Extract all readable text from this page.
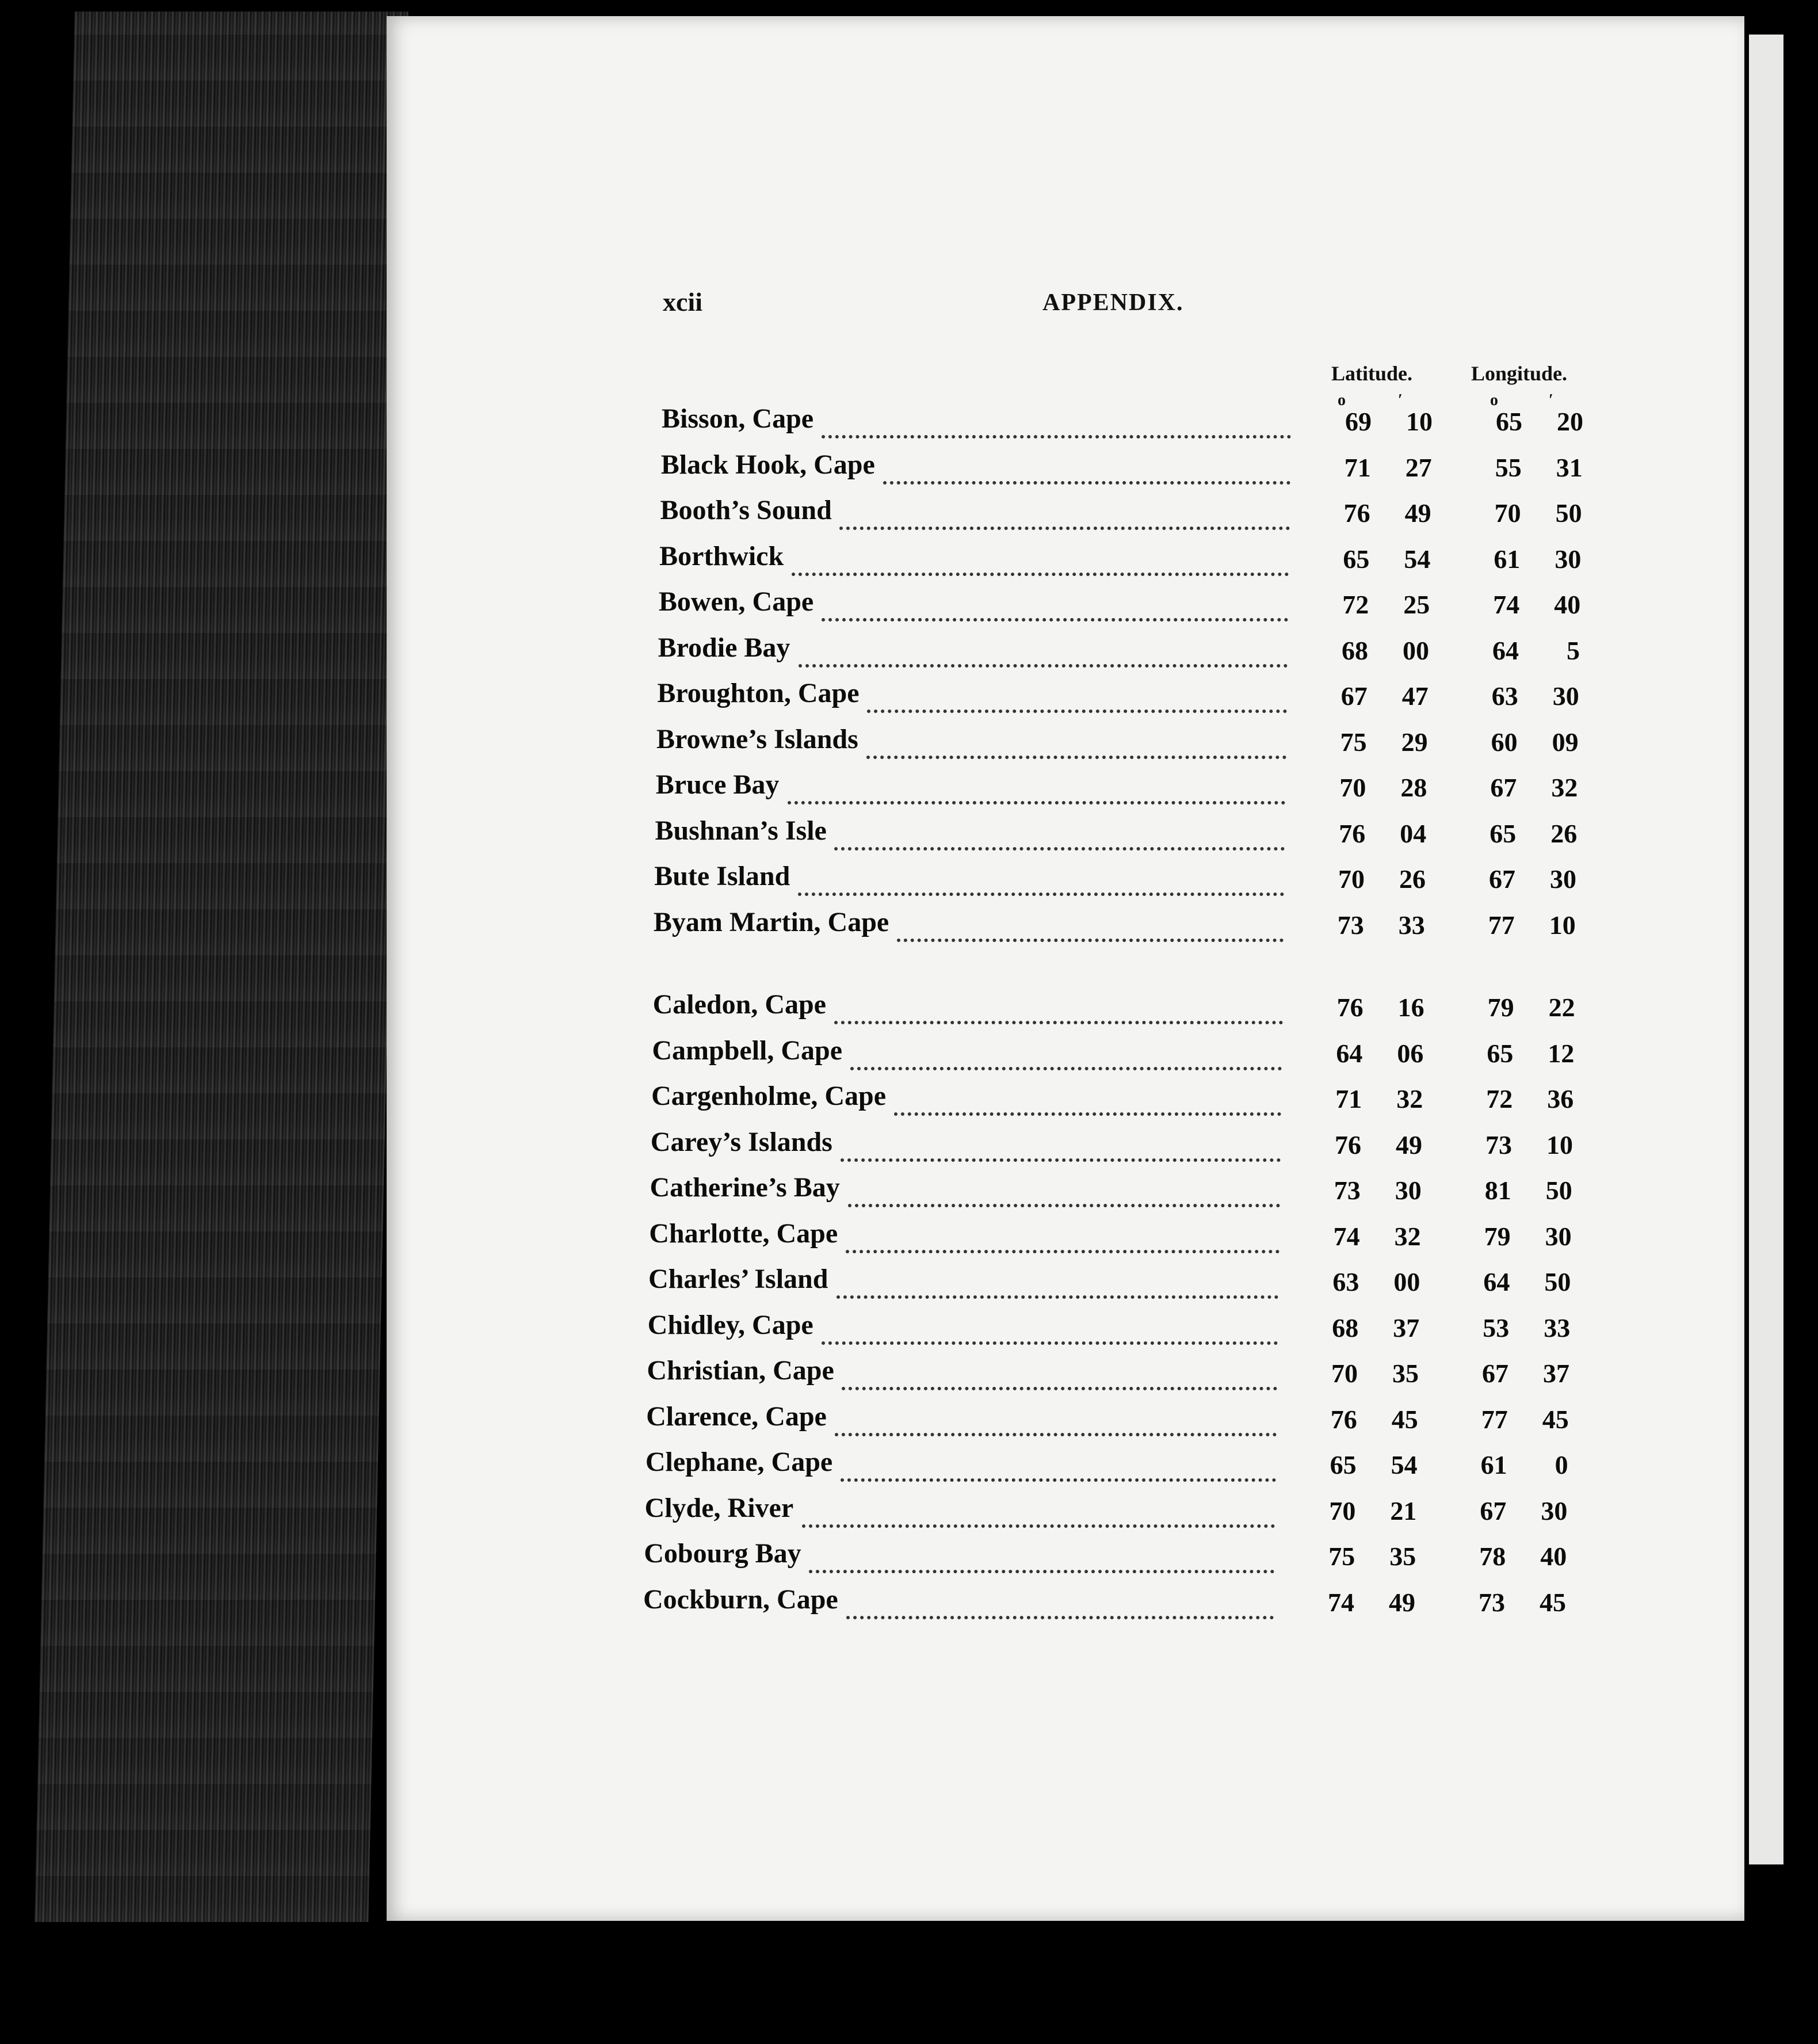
xcii	APPENDIX.
Latitude.	Longitude.
o	′	o	′
Bisson, Cape	69	10	65	20
Black Hook, Cape	71	27	55	31
Booth’s Sound	76	49	70	50
Borthwick	65	54	61	30
Bowen, Cape	72	25	74	40
Brodie Bay	68	00	64	5
Broughton, Cape	67	47	63	30
Browne’s Islands	75	29	60	09
Bruce Bay	70	28	67	32
Bushnan’s Isle	76	04	65	26
Bute Island	70	26	67	30
Byam Martin, Cape	73	33	77	10
Caledon, Cape	76	16	79	22
Campbell, Cape	64	06	65	12
Cargenholme, Cape	71	32	72	36
Carey’s Islands	76	49	73	10
Catherine’s Bay	73	30	81	50
Charlotte, Cape	74	32	79	30
Charles’ Island	63	00	64	50
Chidley, Cape	68	37	53	33
Christian, Cape	70	35	67	37
Clarence, Cape	76	45	77	45
Clephane, Cape	65	54	61	0
Clyde, River	70	21	67	30
Cobourg Bay	75	35	78	40
Cockburn, Cape	74	49	73	45
